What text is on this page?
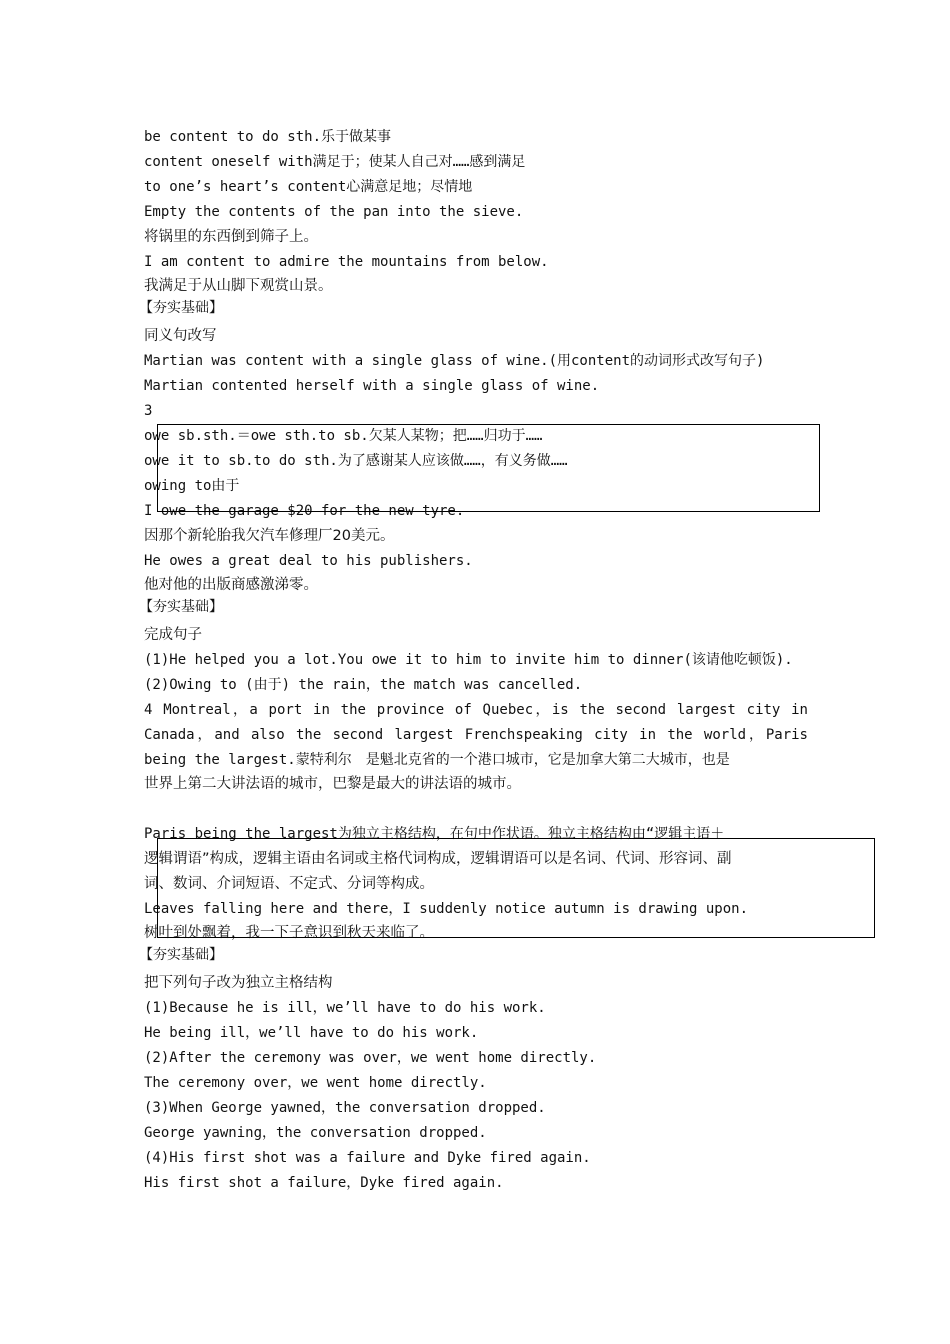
be content to do sth.乐于做某事
content oneself with满足于；使某人自己对……感到满足
to one’s heart’s content心满意足地；尽情地
Empty the contents of the pan into the sieve.
将锅里的东西倒到筛子上。
I am content to admire the mountains from below.
我满足于从山脚下观赏山景。
【夯实基础】
同义句改写
Martian was content with a single glass of wine.(用content的动词形式改写句子)
Martian contented herself with a single glass of wine.
3
owe sb.sth.＝owe sth.to sb.欠某人某物；把……归功于……
owe it to sb.to do sth.为了感谢某人应该做……，有义务做……
owing to由于
I owe the garage $20 for the new tyre.
因那个新轮胎我欠汽车修理厂20美元。
He owes a great deal to his publishers.
他对他的出版商感激涕零。
【夯实基础】
完成句子
(1)He helped you a lot.You owe it to him to invite him to dinner(该请他吃顿饭).
(2)Owing to (由于) the rain，the match was cancelled.
4 Montreal，a port in the province of Quebec，is the second largest city in
Canada，and also the second largest Frenchspeaking city in the world，Paris
being the largest.蒙特利尔　是魁北克省的一个港口城市，它是加拿大第二大城市，也是
世界上第二大讲法语的城市，巴黎是最大的讲法语的城市。
Paris being the largest为独立主格结构，在句中作状语。独立主格结构由“逻辑主语＋
逻辑谓语”构成，逻辑主语由名词或主格代词构成，逻辑谓语可以是名词、代词、形容词、副
词、数词、介词短语、不定式、分词等构成。
Leaves falling here and there，I suddenly notice autumn is drawing upon.
树叶到处飘着，我一下子意识到秋天来临了。
【夯实基础】
把下列句子改为独立主格结构
(1)Because he is ill，we’ll have to do his work.
He being ill，we’ll have to do his work.
(2)After the ceremony was over，we went home directly.
The ceremony over，we went home directly.
(3)When George yawned，the conversation dropped.
George yawning，the conversation dropped.
(4)His first shot was a failure and Dyke fired again.
His first shot a failure，Dyke fired again.
